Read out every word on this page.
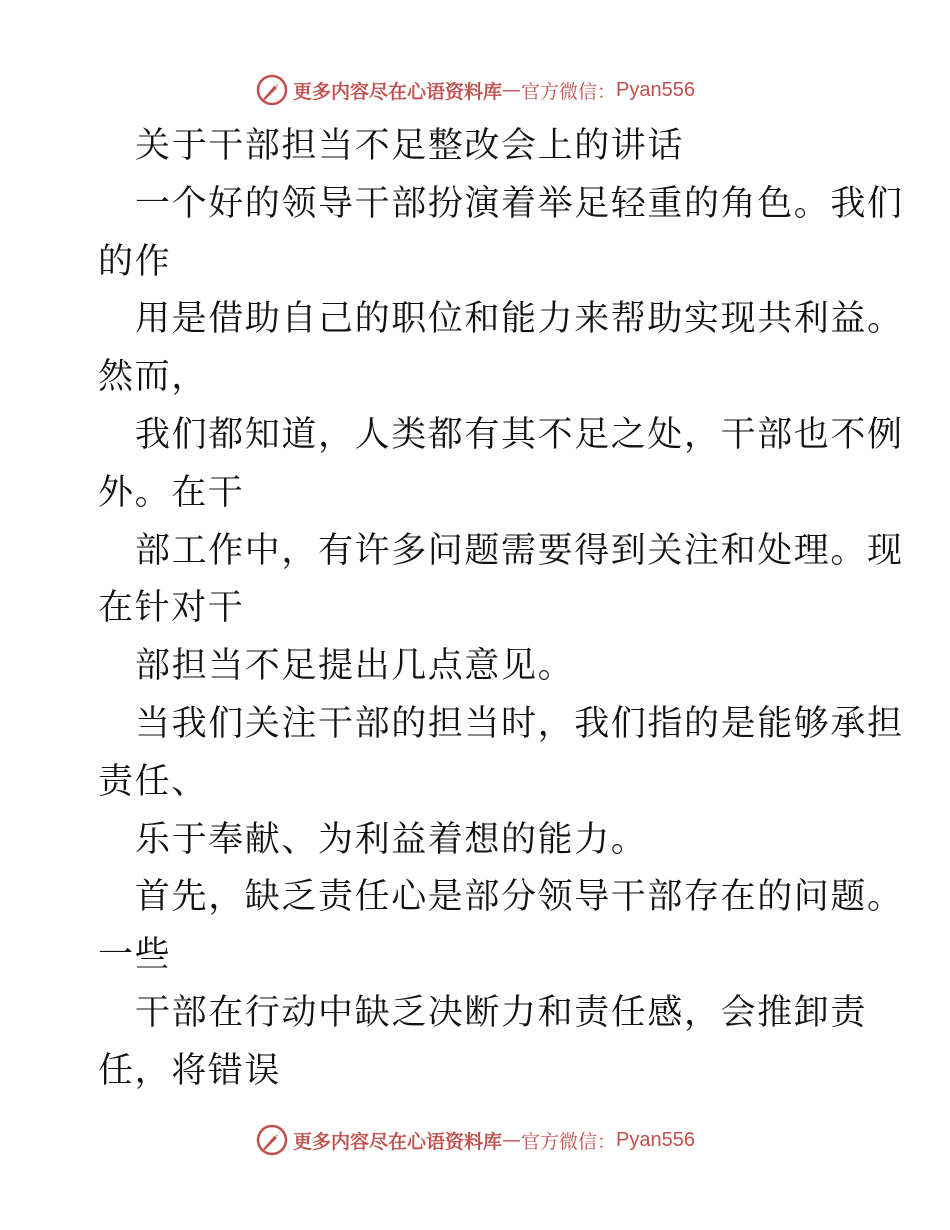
更多内容尽在心语资料库 — 官方微信： Pyan556
关于干部担当不足整改会上的讲话
一个好的领导干部扮演着举足轻重的角色。我们
的作
用是借助自己的职位和能力来帮助实现共利益。
然而，
我们都知道，人类都有其不足之处，干部也不例
外。在干
部工作中，有许多问题需要得到关注和处理。现
在针对干
部担当不足提出几点意见。
当我们关注干部的担当时，我们指的是能够承担
责任、
乐于奉献、为利益着想的能力。
首先，缺乏责任心是部分领导干部存在的问题。
一些
干部在行动中缺乏决断力和责任感，会推卸责
任，将错误
更多内容尽在心语资料库 — 官方微信： Pyan556
